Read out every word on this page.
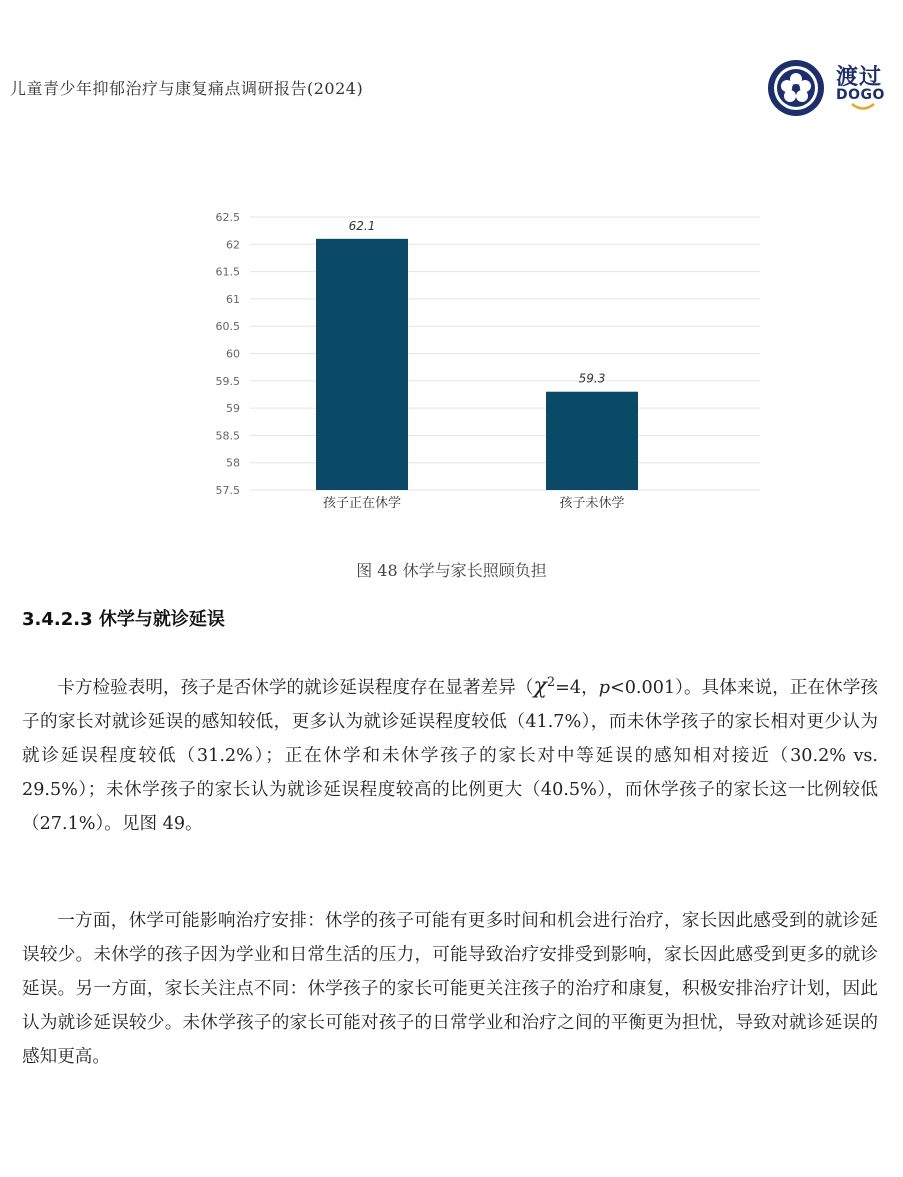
儿童青少年抑郁治疗与康复痛点调研报告(2024)	渡过
DOGO
57.5
58
58.5
59
59.5
60
60.5
61
61.5
62
62.5
62.1
59.3
孩子正在休学	孩子未休学
图 48 休学与家长照顾负担
3.4.2.3 休学与就诊延误

卡方检验表明，孩子是否休学的就诊延误程度存在显著差异（$\chi^2=4$，p<0.001）。具体来说，正在休学孩子的家长对就诊延误的感知较低，更多认为就诊延误程度较低（41.7%），而未休学孩子的家长相对更少认为就诊延误程度较低（31.2%）；正在休学和未休学孩子的家长对中等延误的感知相对接近（30.2% vs. 29.5%）；未休学孩子的家长认为就诊延误程度较高的比例更大（40.5%），而休学孩子的家长这一比例较低（27.1%）。见图 49。

一方面，休学可能影响治疗安排：休学的孩子可能有更多时间和机会进行治疗，家长因此感受到的就诊延误较少。未休学的孩子因为学业和日常生活的压力，可能导致治疗安排受到影响，家长因此感受到更多的就诊延误。另一方面，家长关注点不同：休学孩子的家长可能更关注孩子的治疗和康复，积极安排治疗计划，因此认为就诊延误较少。未休学孩子的家长可能对孩子的日常学业和治疗之间的平衡更为担忧，导致对就诊延误的感知更高。
